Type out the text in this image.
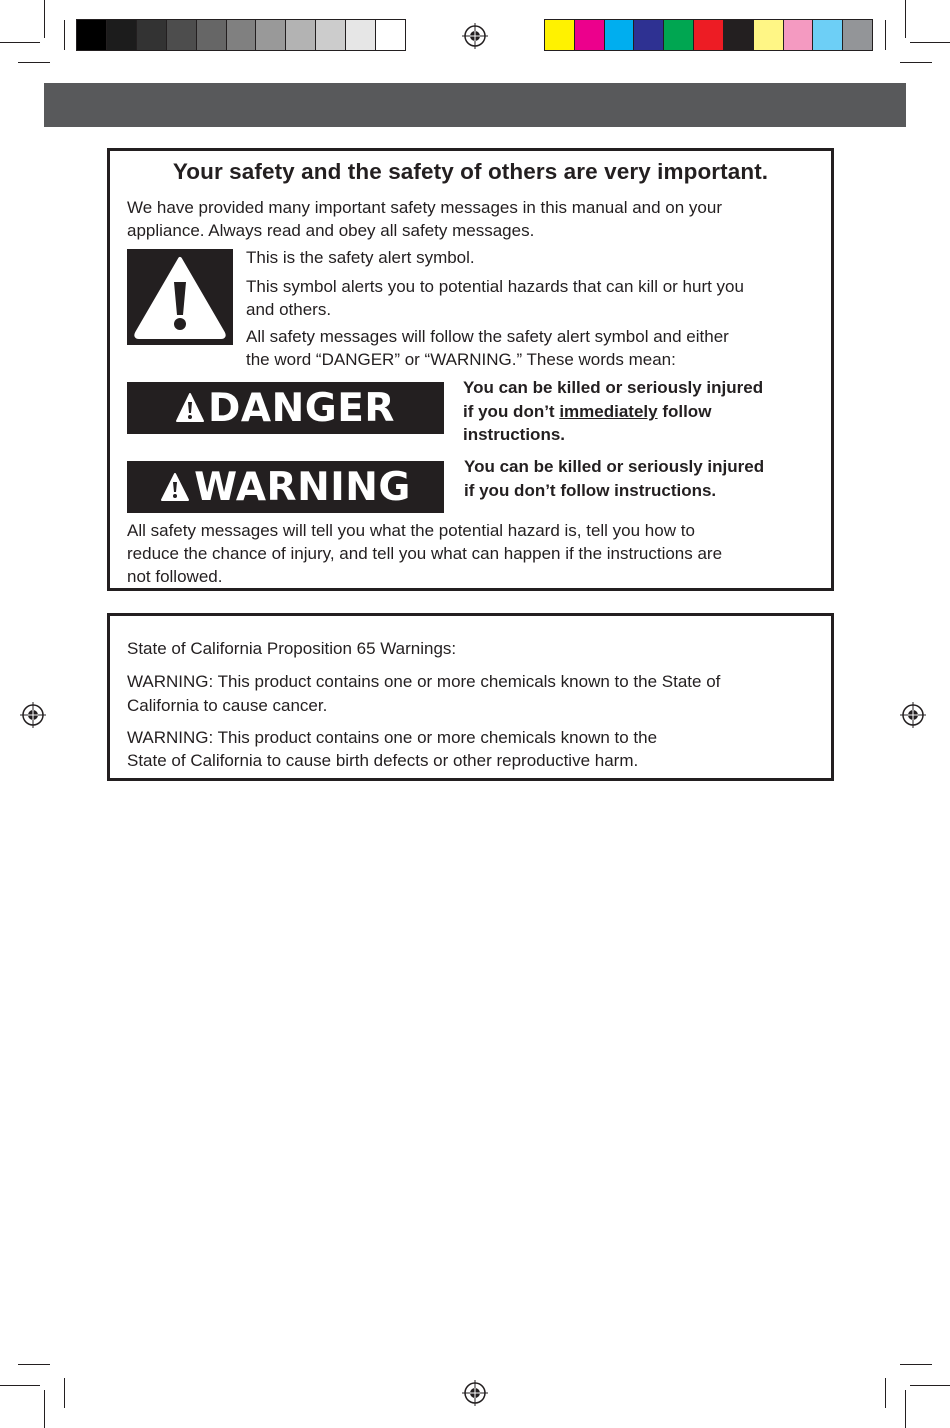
Your safety and the safety of others are very important.
We have provided many important safety messages in this manual and on your
appliance. Always read and obey all safety messages.
This is the safety alert symbol.
This symbol alerts you to potential hazards that can kill or hurt you
and others.
All safety messages will follow the safety alert symbol and either
the word “DANGER” or “WARNING.” These words mean:
DANGER	You can be killed or seriously injured
if you don’t immediately follow
instructions.
WARNING	You can be killed or seriously injured
if you don’t follow instructions.
All safety messages will tell you what the potential hazard is, tell you how to
reduce the chance of injury, and tell you what can happen if the instructions are
not followed.
State of California Proposition 65 Warnings:
WARNING: This product contains one or more chemicals known to the State of
California to cause cancer.
WARNING: This product contains one or more chemicals known to the
State of California to cause birth defects or other reproductive harm.
